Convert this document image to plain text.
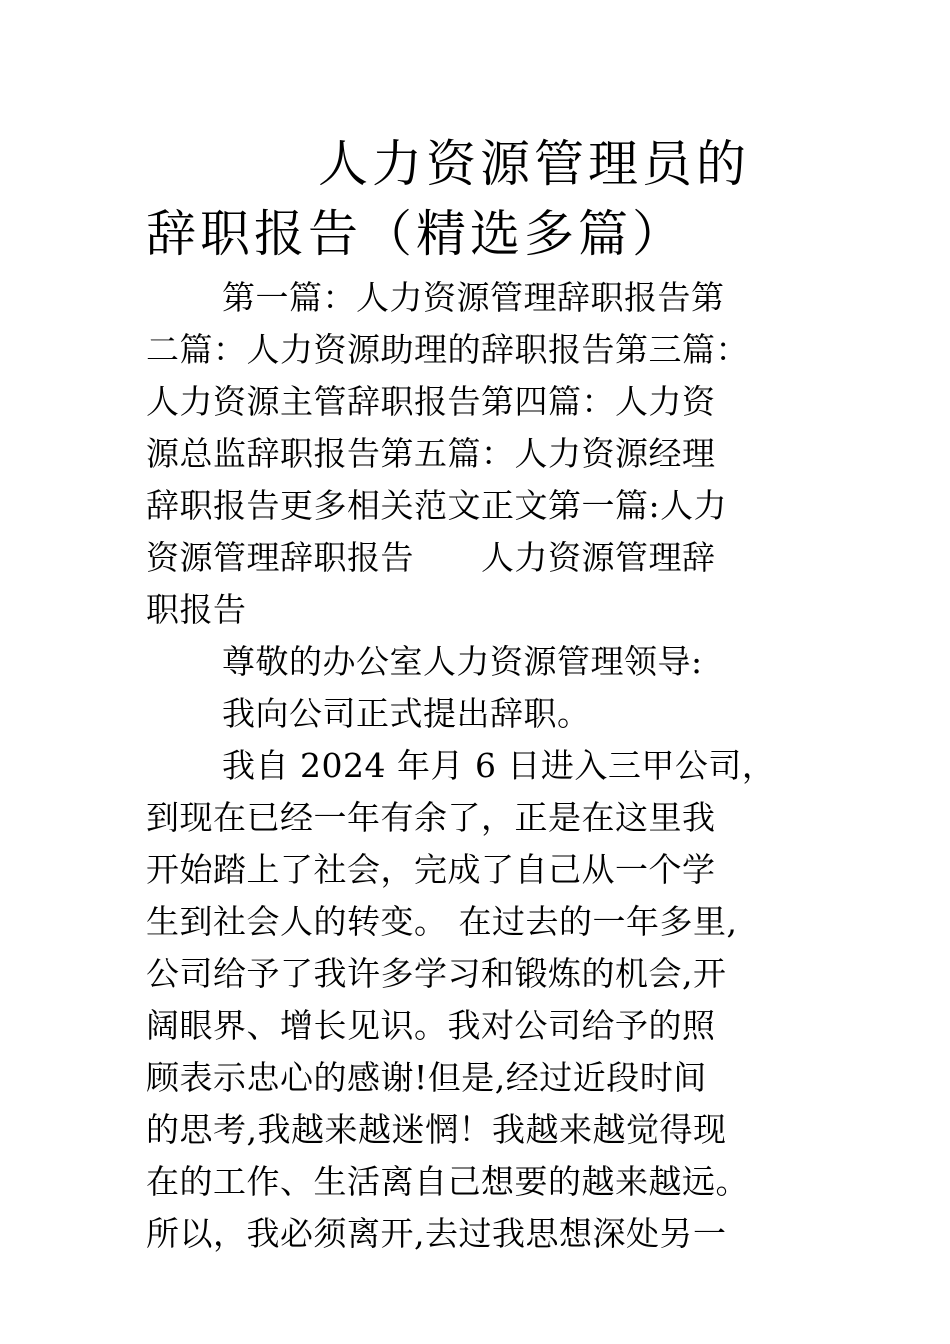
人力资源管理员的
辞职报告（精选多篇）
第一篇：人力资源管理辞职报告第
二篇：人力资源助理的辞职报告第三篇：
人力资源主管辞职报告第四篇：人力资
源总监辞职报告第五篇：人力资源经理
辞职报告更多相关范文正文第一篇:人力
资源管理辞职报告　　人力资源管理辞
职报告
尊敬的办公室人力资源管理领导:
我向公司正式提出辞职。
我自 2024 年月 6 日进入三甲公司，
到现在已经一年有余了，正是在这里我
开始踏上了社会，完成了自己从一个学
生到社会人的转变。 在过去的一年多里,
公司给予了我许多学习和锻炼的机会,开
阔眼界、增长见识。我对公司给予的照
顾表示忠心的感谢!但是,经过近段时间
的思考,我越来越迷惘！我越来越觉得现
在的工作、生活离自己想要的越来越远。
所以，我必须离开,去过我思想深处另一
